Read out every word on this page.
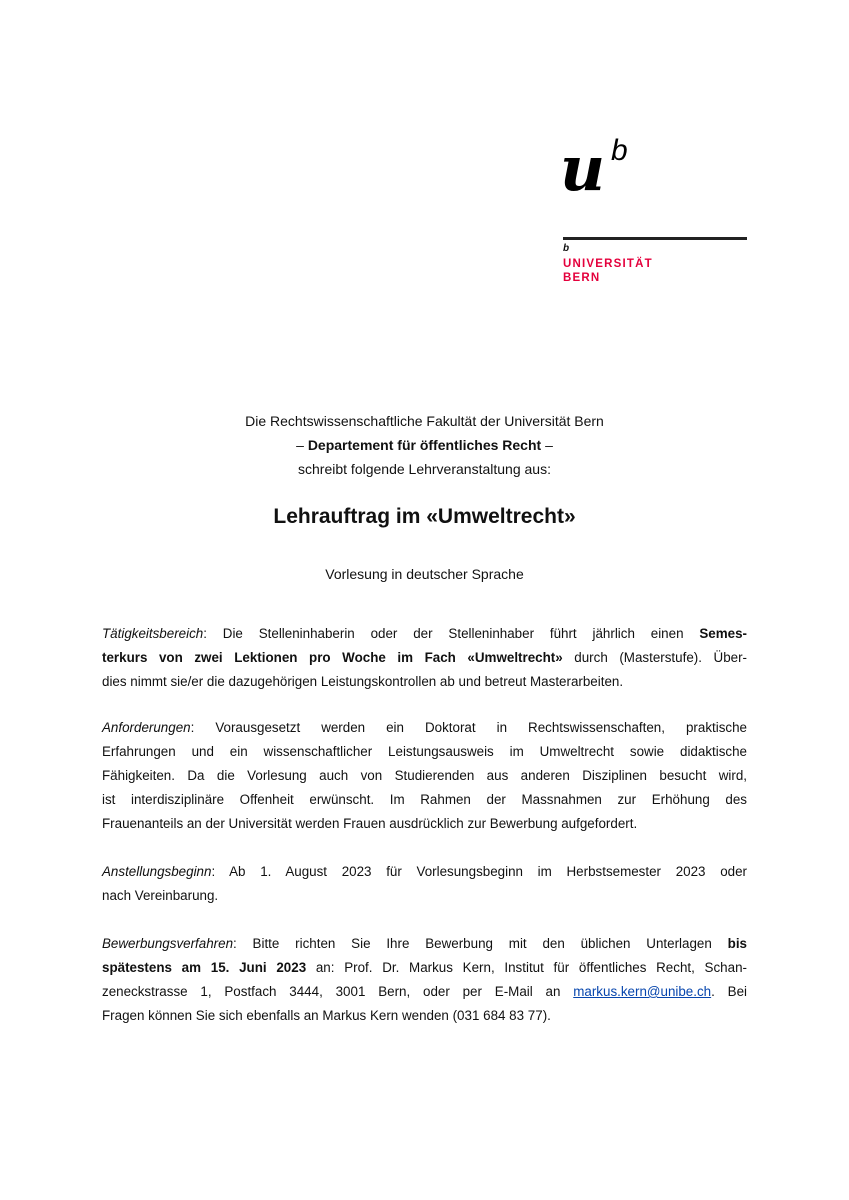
u b
b
UNIVERSITÄT
BERN
Die Rechtswissenschaftliche Fakultät der Universität Bern
– Departement für öffentliches Recht –
schreibt folgende Lehrveranstaltung aus:
Lehrauftrag im «Umweltrecht»
Vorlesung in deutscher Sprache
Tätigkeitsbereich: Die Stelleninhaberin oder der Stelleninhaber führt jährlich einen Semes-
terkurs von zwei Lektionen pro Woche im Fach «Umweltrecht» durch (Masterstufe). Über-
dies nimmt sie/er die dazugehörigen Leistungskontrollen ab und betreut Masterarbeiten.
Anforderungen: Vorausgesetzt werden ein Doktorat in Rechtswissenschaften, praktische
Erfahrungen und ein wissenschaftlicher Leistungsausweis im Umweltrecht sowie didaktische
Fähigkeiten. Da die Vorlesung auch von Studierenden aus anderen Disziplinen besucht wird,
ist interdisziplinäre Offenheit erwünscht. Im Rahmen der Massnahmen zur Erhöhung des
Frauenanteils an der Universität werden Frauen ausdrücklich zur Bewerbung aufgefordert.
Anstellungsbeginn: Ab 1. August 2023 für Vorlesungsbeginn im Herbstsemester 2023 oder
nach Vereinbarung.
Bewerbungsverfahren: Bitte richten Sie Ihre Bewerbung mit den üblichen Unterlagen bis
spätestens am 15. Juni 2023 an: Prof. Dr. Markus Kern, Institut für öffentliches Recht, Schan-
zeneckstrasse 1, Postfach 3444, 3001 Bern, oder per E-Mail an markus.kern@unibe.ch. Bei
Fragen können Sie sich ebenfalls an Markus Kern wenden (031 684 83 77).
